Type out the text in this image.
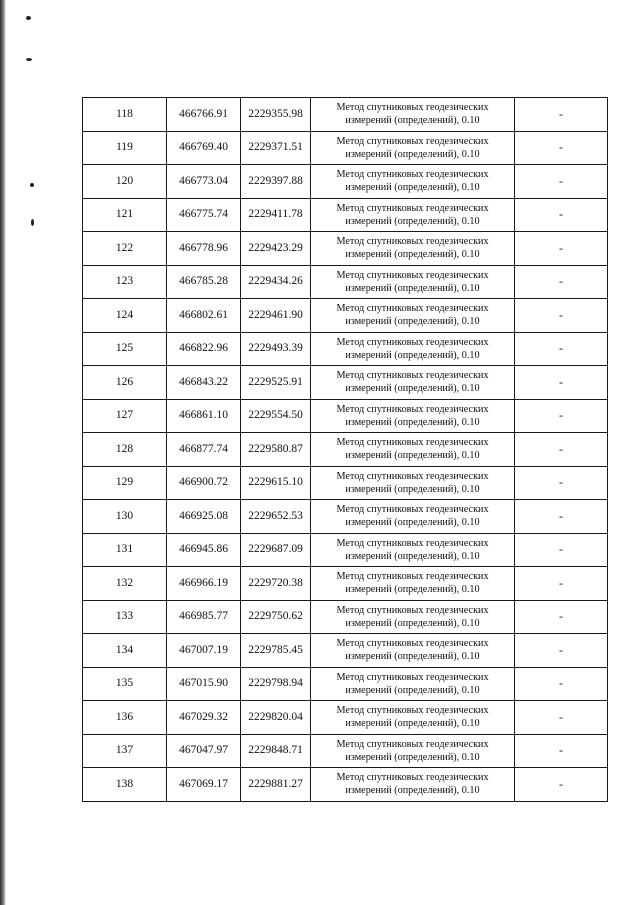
118	466766.91	2229355.98	Метод спутниковых геодезических
измерений (определений), 0.10	-
119	466769.40	2229371.51	Метод спутниковых геодезических
измерений (определений), 0.10	-
120	466773.04	2229397.88	Метод спутниковых геодезических
измерений (определений), 0.10	-
121	466775.74	2229411.78	Метод спутниковых геодезических
измерений (определений), 0.10	-
122	466778.96	2229423.29	Метод спутниковых геодезических
измерений (определений), 0.10	-
123	466785.28	2229434.26	Метод спутниковых геодезических
измерений (определений), 0.10	-
124	466802.61	2229461.90	Метод спутниковых геодезических
измерений (определений), 0.10	-
125	466822.96	2229493.39	Метод спутниковых геодезических
измерений (определений), 0.10	-
126	466843.22	2229525.91	Метод спутниковых геодезических
измерений (определений), 0.10	-
127	466861.10	2229554.50	Метод спутниковых геодезических
измерений (определений), 0.10	-
128	466877.74	2229580.87	Метод спутниковых геодезических
измерений (определений), 0.10	-
129	466900.72	2229615.10	Метод спутниковых геодезических
измерений (определений), 0.10	-
130	466925.08	2229652.53	Метод спутниковых геодезических
измерений (определений), 0.10	-
131	466945.86	2229687.09	Метод спутниковых геодезических
измерений (определений), 0.10	-
132	466966.19	2229720.38	Метод спутниковых геодезических
измерений (определений), 0.10	-
133	466985.77	2229750.62	Метод спутниковых геодезических
измерений (определений), 0.10	-
134	467007.19	2229785.45	Метод спутниковых геодезических
измерений (определений), 0.10	-
135	467015.90	2229798.94	Метод спутниковых геодезических
измерений (определений), 0.10	-
136	467029.32	2229820.04	Метод спутниковых геодезических
измерений (определений), 0.10	-
137	467047.97	2229848.71	Метод спутниковых геодезических
измерений (определений), 0.10	-
138	467069.17	2229881.27	Метод спутниковых геодезических
измерений (определений), 0.10	-
